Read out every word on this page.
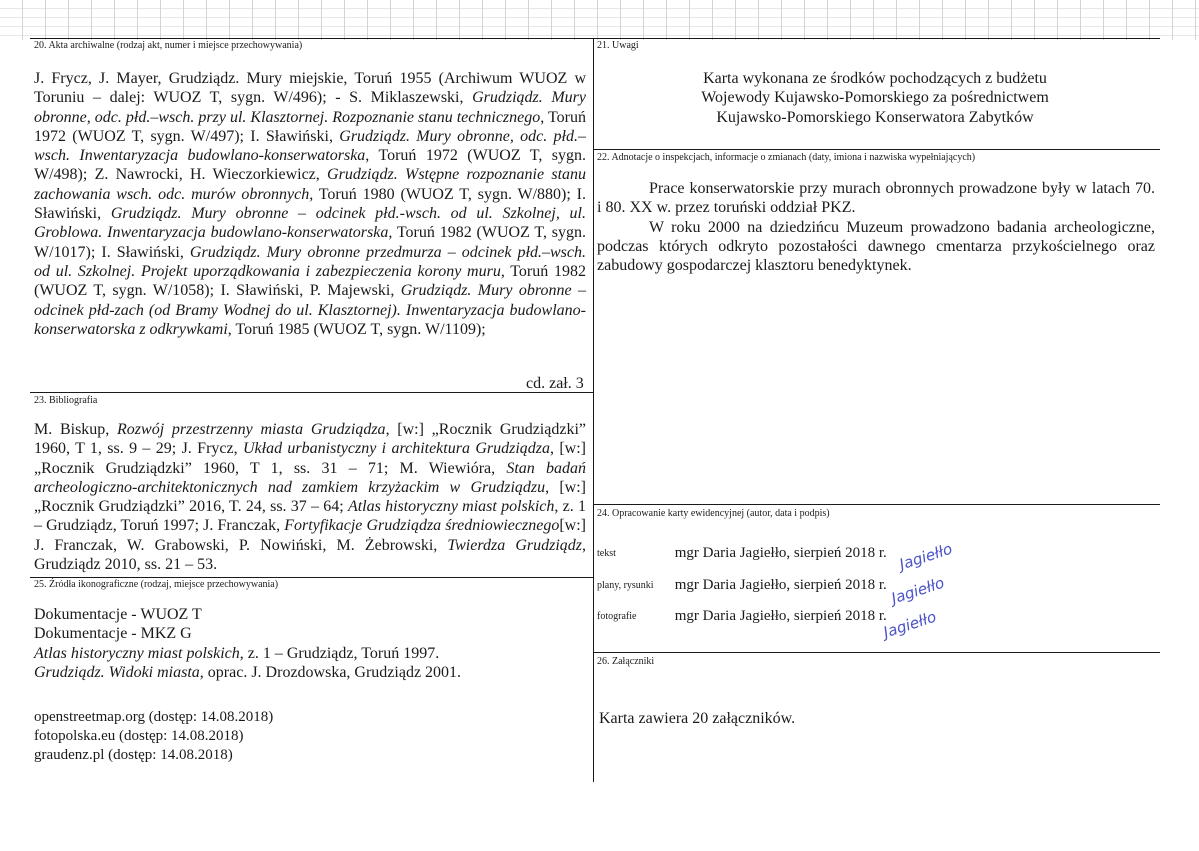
20. Akta archiwalne (rodzaj akt, numer i miejsce przechowywania)
J. Frycz, J. Mayer, Grudziądz. Mury miejskie, Toruń 1955 (Archiwum WUOZ w Toruniu – dalej: WUOZ T, sygn. W/496); - S. Miklaszewski, Grudziądz. Mury obronne, odc. płd.–wsch. przy ul. Klasztornej. Rozpoznanie stanu technicznego, Toruń 1972 (WUOZ T, sygn. W/497); I. Sławiński, Grudziądz. Mury obronne, odc. płd.–wsch. Inwentaryzacja budowlano-konserwatorska, Toruń 1972 (WUOZ T, sygn. W/498); Z. Nawrocki, H. Wieczorkiewicz, Grudziądz. Wstępne rozpoznanie stanu zachowania wsch. odc. murów obronnych, Toruń 1980 (WUOZ T, sygn. W/880); I. Sławiński, Grudziądz. Mury obronne – odcinek płd.-wsch. od ul. Szkolnej, ul. Groblowa. Inwentaryzacja budowlano-konserwatorska, Toruń 1982 (WUOZ T, sygn. W/1017); I. Sławiński, Grudziądz. Mury obronne przedmurza – odcinek płd.–wsch. od ul. Szkolnej. Projekt uporządkowania i zabezpieczenia korony muru, Toruń 1982 (WUOZ T, sygn. W/1058); I. Sławiński, P. Majewski, Grudziądz. Mury obronne – odcinek płd-zach (od Bramy Wodnej do ul. Klasztornej). Inwentaryzacja budowlano-konserwatorska z odkrywkami, Toruń 1985 (WUOZ T, sygn. W/1109);
cd. zał. 3
21. Uwagi
Karta wykonana ze środków pochodzących z budżetu
Wojewody Kujawsko-Pomorskiego za pośrednictwem
Kujawsko-Pomorskiego Konserwatora Zabytków
22. Adnotacje o inspekcjach, informacje o zmianach (daty, imiona i nazwiska wypełniających)

Prace konserwatorskie przy murach obronnych prowadzone były w latach 70. i 80. XX w. przez toruński oddział PKZ.

W roku 2000 na dziedzińcu Muzeum prowadzono badania archeologiczne, podczas których odkryto pozostałości dawnego cmentarza przykościelnego oraz zabudowy gospodarczej klasztoru benedyktynek.

23. Bibliografia
M. Biskup, Rozwój przestrzenny miasta Grudziądza, [w:] „Rocznik Grudziądzki” 1960, T 1, ss. 9 – 29; J. Frycz, Układ urbanistyczny i architektura Grudziądza, [w:] „Rocznik Grudziądzki” 1960, T 1, ss. 31 – 71; M. Wiewióra, Stan badań archeologiczno-architektonicznych nad zamkiem krzyżackim w Grudziądzu, [w:] „Rocznik Grudziądzki” 2016, T. 24, ss. 37 – 64; Atlas historyczny miast polskich, z. 1 – Grudziądz, Toruń 1997; J. Franczak, Fortyfikacje Grudziądza średniowiecznego[w:] J. Franczak, W. Grabowski, P. Nowiński, M. Żebrowski, Twierdza Grudziądz, Grudziądz 2010, ss. 21 – 53.
24. Opracowanie karty ewidencyjnej (autor, data i podpis)
tekst	mgr Daria Jagiełło, sierpień 2018 r.
plany, rysunki mgr Daria Jagiełło, sierpień 2018 r.
fotografie	mgr Daria Jagiełło, sierpień 2018 r.
Jagiełło
Jagiełło
Jagiełło
25. Źródła ikonograficzne (rodzaj, miejsce przechowywania)
Dokumentacje - WUOZ T
Dokumentacje - MKZ G
Atlas historyczny miast polskich, z. 1 – Grudziądz, Toruń 1997.
Grudziądz. Widoki miasta, oprac. J. Drozdowska, Grudziądz 2001.
openstreetmap.org (dostęp: 14.08.2018)
fotopolska.eu (dostęp: 14.08.2018)
graudenz.pl (dostęp: 14.08.2018)
26. Załączniki
Karta zawiera 20 załączników.
